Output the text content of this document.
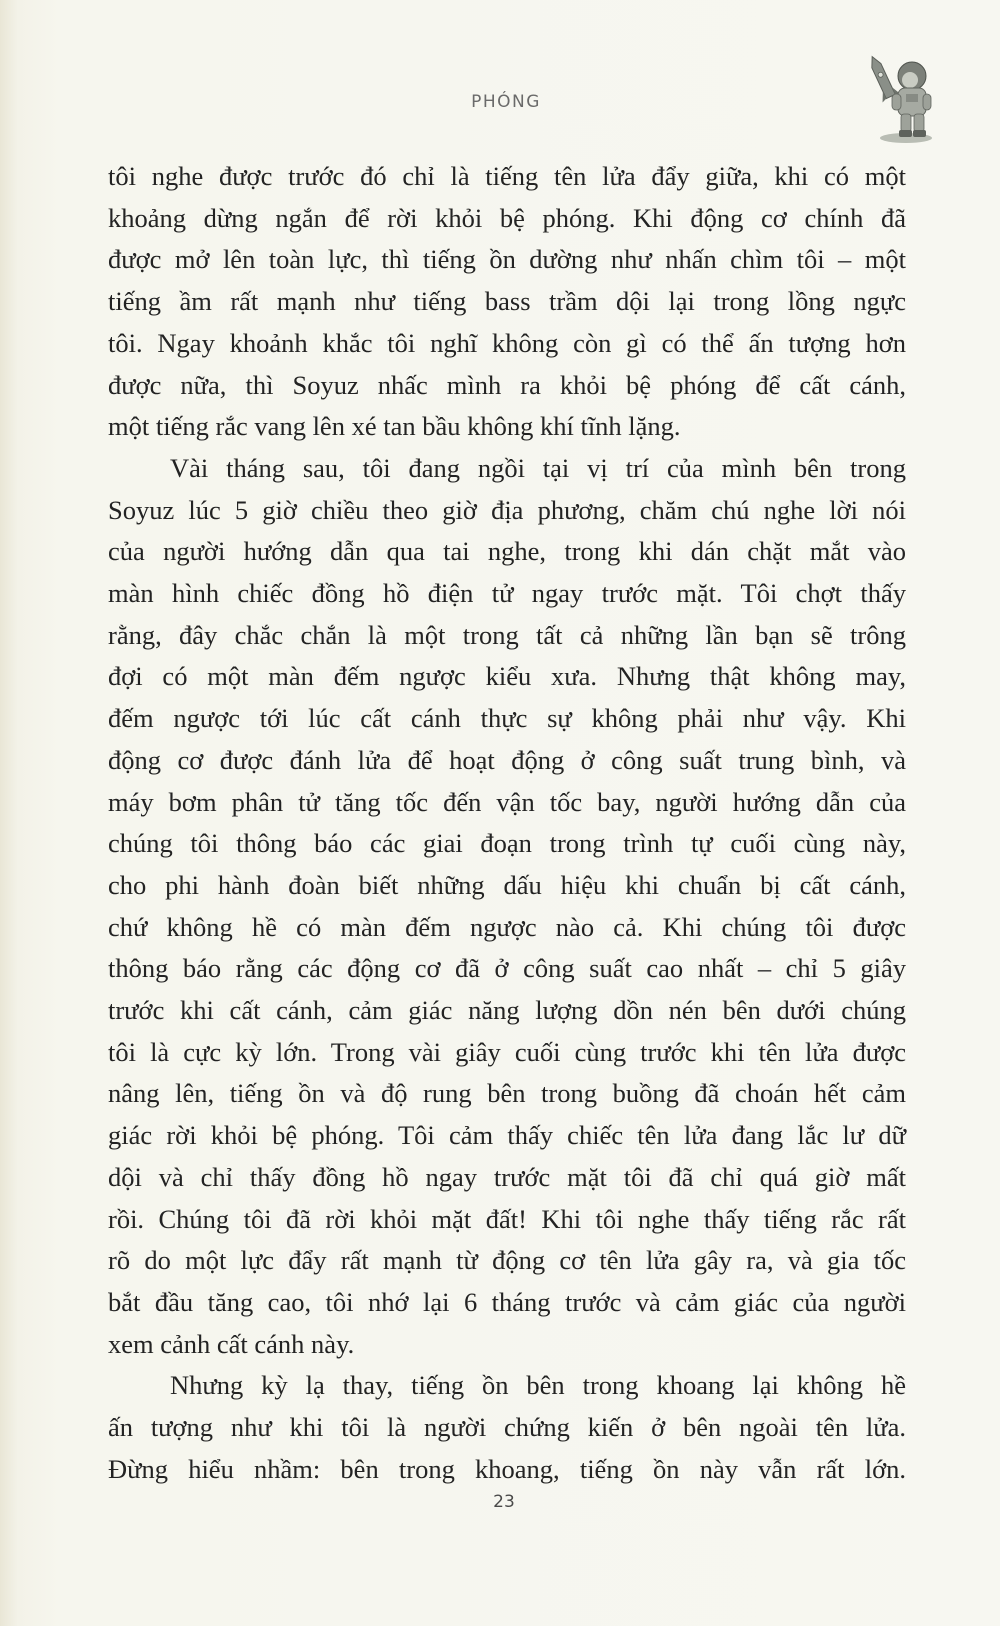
PHÓNG

tôi nghe được trước đó chỉ là tiếng tên lửa đẩy giữa, khi có một
khoảng dừng ngắn để rời khỏi bệ phóng. Khi động cơ chính đã
được mở lên toàn lực, thì tiếng ồn dường như nhấn chìm tôi – một
tiếng ầm rất mạnh như tiếng bass trầm dội lại trong lồng ngực
tôi. Ngay khoảnh khắc tôi nghĩ không còn gì có thể ấn tượng hơn
được nữa, thì Soyuz nhấc mình ra khỏi bệ phóng để cất cánh,
một tiếng rắc vang lên xé tan bầu không khí tĩnh lặng.

Vài tháng sau, tôi đang ngồi tại vị trí của mình bên trong
Soyuz lúc 5 giờ chiều theo giờ địa phương, chăm chú nghe lời nói
của người hướng dẫn qua tai nghe, trong khi dán chặt mắt vào
màn hình chiếc đồng hồ điện tử ngay trước mặt. Tôi chợt thấy
rằng, đây chắc chắn là một trong tất cả những lần bạn sẽ trông
đợi có một màn đếm ngược kiểu xưa. Nhưng thật không may,
đếm ngược tới lúc cất cánh thực sự không phải như vậy. Khi
động cơ được đánh lửa để hoạt động ở công suất trung bình, và
máy bơm phân tử tăng tốc đến vận tốc bay, người hướng dẫn của
chúng tôi thông báo các giai đoạn trong trình tự cuối cùng này,
cho phi hành đoàn biết những dấu hiệu khi chuẩn bị cất cánh,
chứ không hề có màn đếm ngược nào cả. Khi chúng tôi được
thông báo rằng các động cơ đã ở công suất cao nhất – chỉ 5 giây
trước khi cất cánh, cảm giác năng lượng dồn nén bên dưới chúng
tôi là cực kỳ lớn. Trong vài giây cuối cùng trước khi tên lửa được
nâng lên, tiếng ồn và độ rung bên trong buồng đã choán hết cảm
giác rời khỏi bệ phóng. Tôi cảm thấy chiếc tên lửa đang lắc lư dữ
dội và chỉ thấy đồng hồ ngay trước mặt tôi đã chỉ quá giờ mất
rồi. Chúng tôi đã rời khỏi mặt đất! Khi tôi nghe thấy tiếng rắc rất
rõ do một lực đẩy rất mạnh từ động cơ tên lửa gây ra, và gia tốc
bắt đầu tăng cao, tôi nhớ lại 6 tháng trước và cảm giác của người
xem cảnh cất cánh này.

Nhưng kỳ lạ thay, tiếng ồn bên trong khoang lại không hề
ấn tượng như khi tôi là người chứng kiến ở bên ngoài tên lửa.
Đừng hiểu nhầm: bên trong khoang, tiếng ồn này vẫn rất lớn.

23
